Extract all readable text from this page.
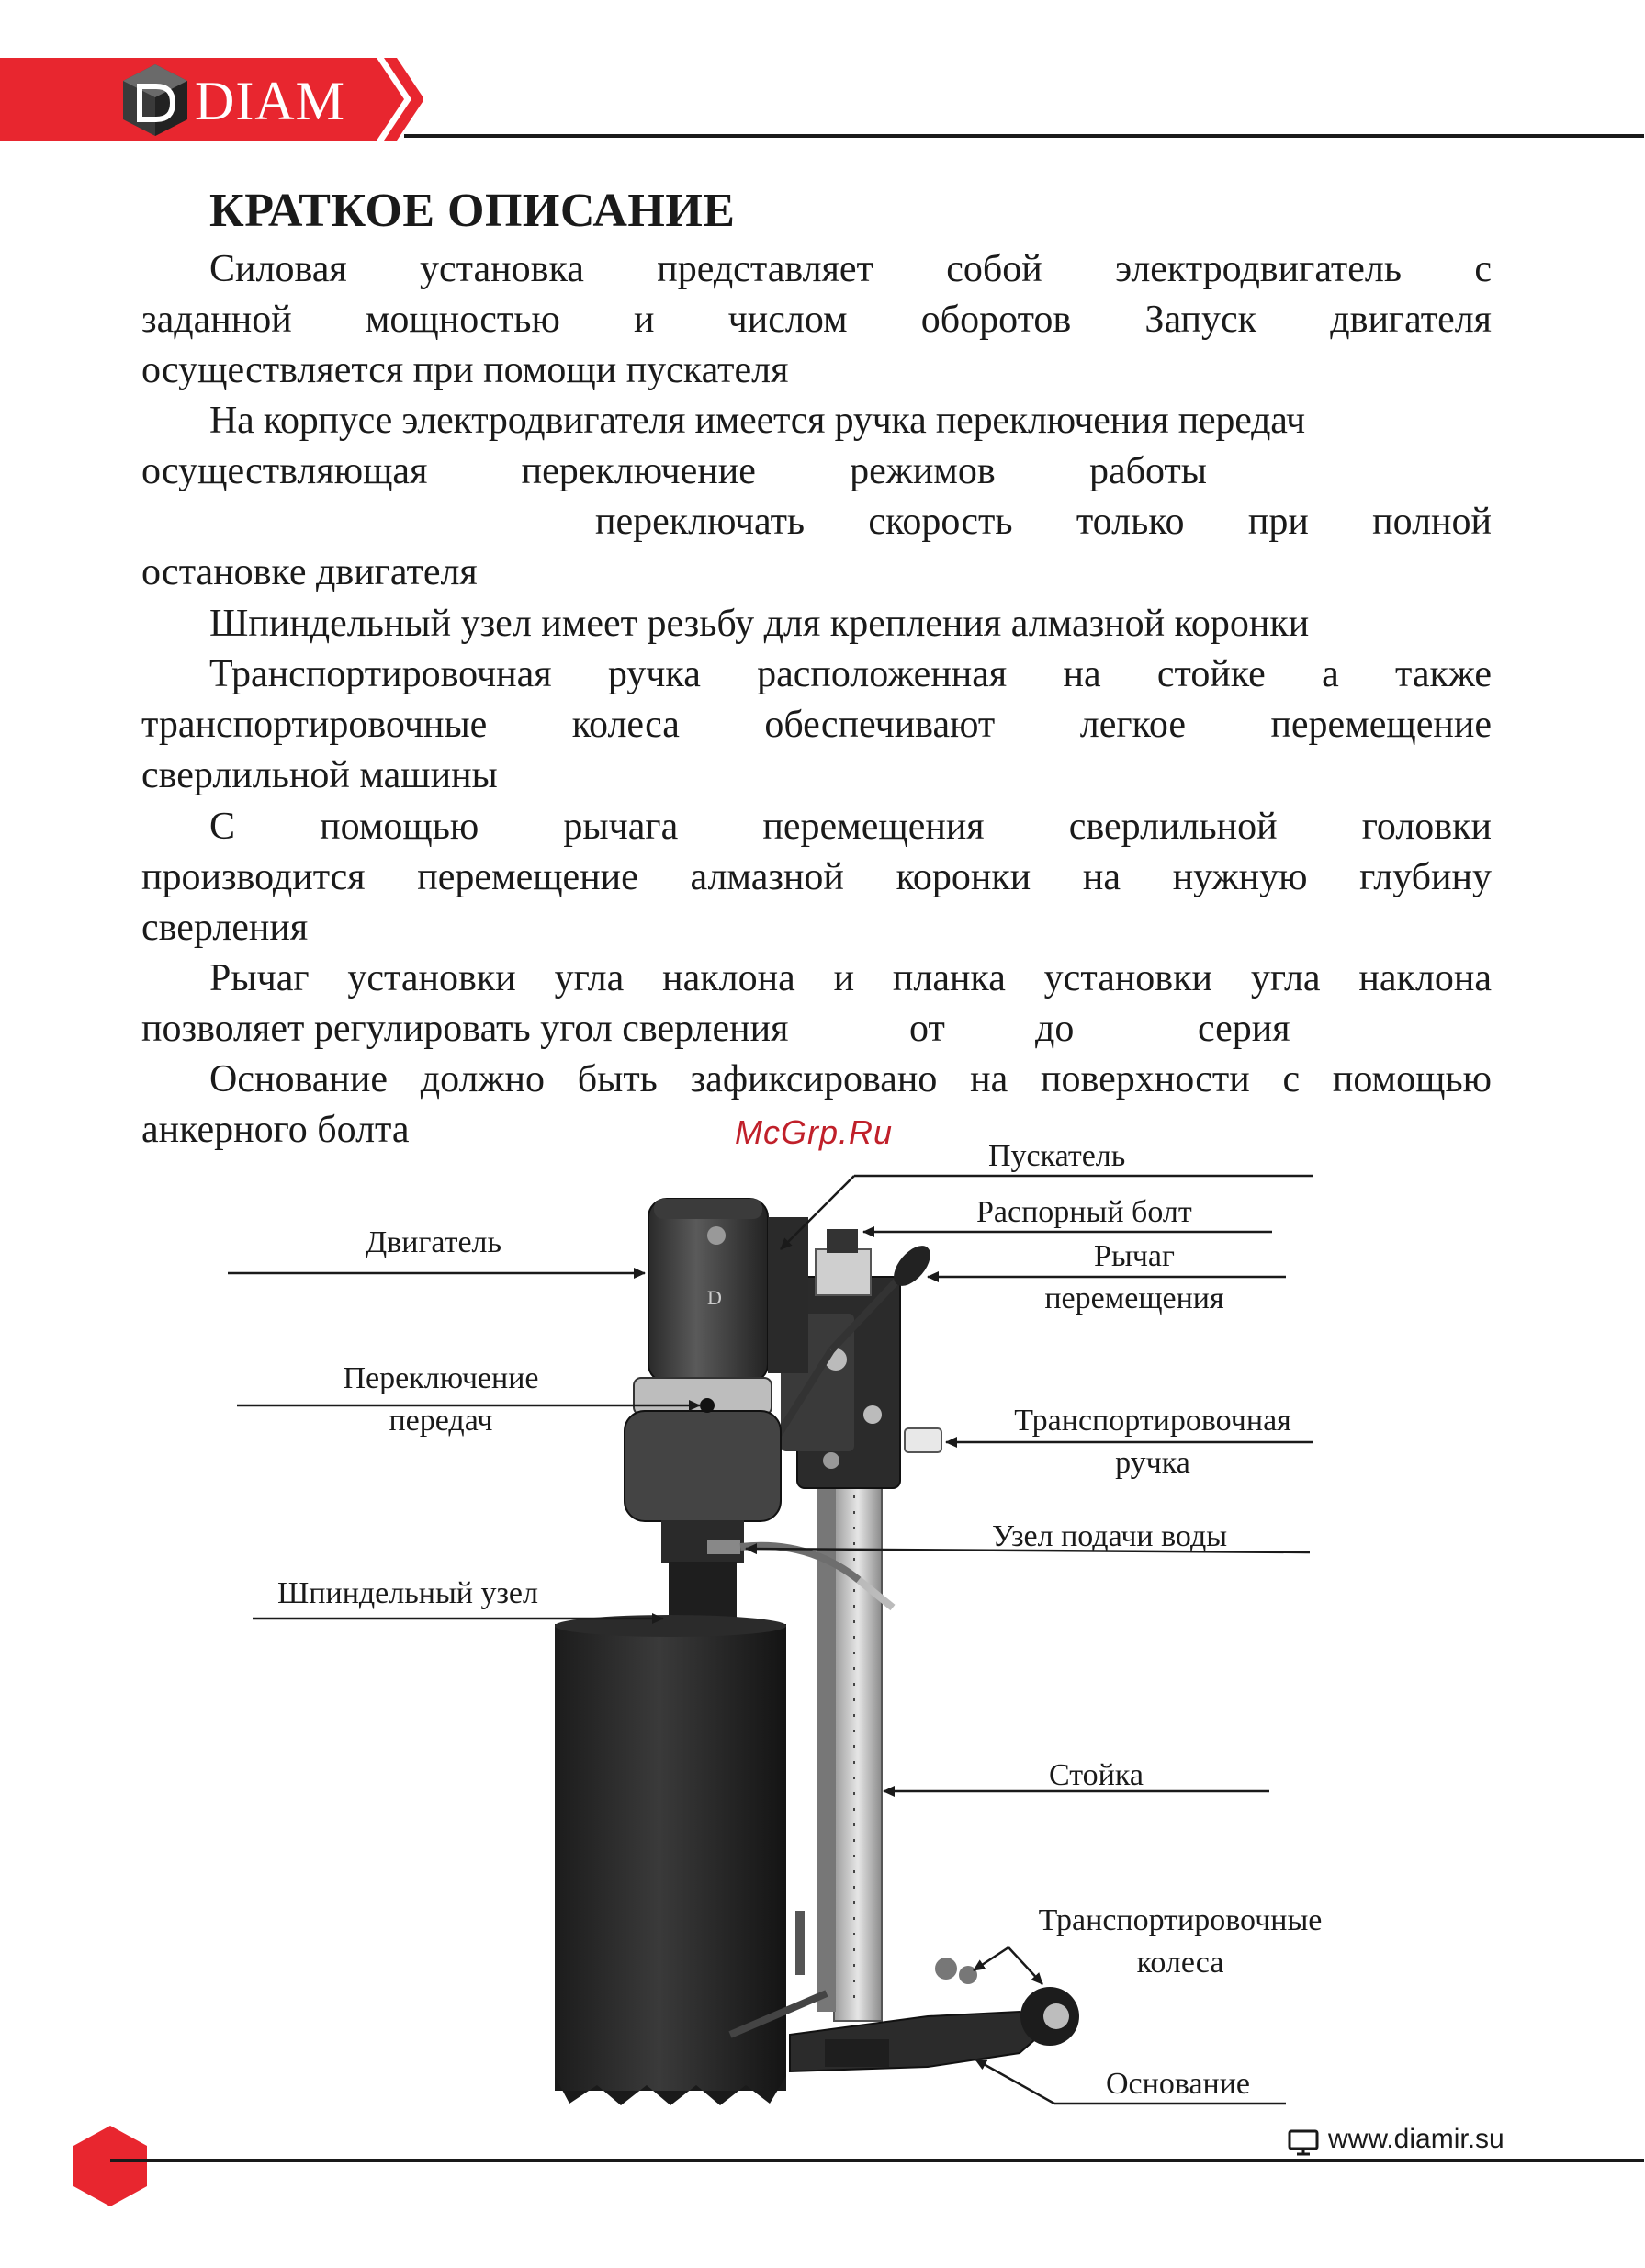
DIAM
КРАТКОЕ ОПИСАНИЕ
Силовая установка представляет собой электродвигатель с
заданной мощностью и числом оборотов Запуск двигателя
осуществляется при помощи пускателя
На корпусе электродвигателя имеется ручка переключения передач
осуществляющая переключение режимов работы
переключать скорость только при полной
остановке двигателя
Шпиндельный узел имеет резьбу для крепления алмазной коронки
Транспортировочная ручка расположенная на стойке а также
транспортировочные колеса обеспечивают легкое перемещение
сверлильной машины
С помощью рычага перемещения сверлильной головки
производится перемещение алмазной коронки на нужную глубину
сверления
Рычаг установки угла наклона и планка установки угла наклона
позволяет регулировать угол сверления	от до	серия
Основание должно быть зафиксировано на поверхности с помощью
анкерного болта	McGrp.Ru
D
Пускатель
Распорный болт
Рычаг
перемещения
Двигатель
Переключение
передач	Транспортировочная
ручка
Узел подачи воды
Шпиндельный узел
Стойка
Транспортировочные
колеса
Основание
www.diamir.su
